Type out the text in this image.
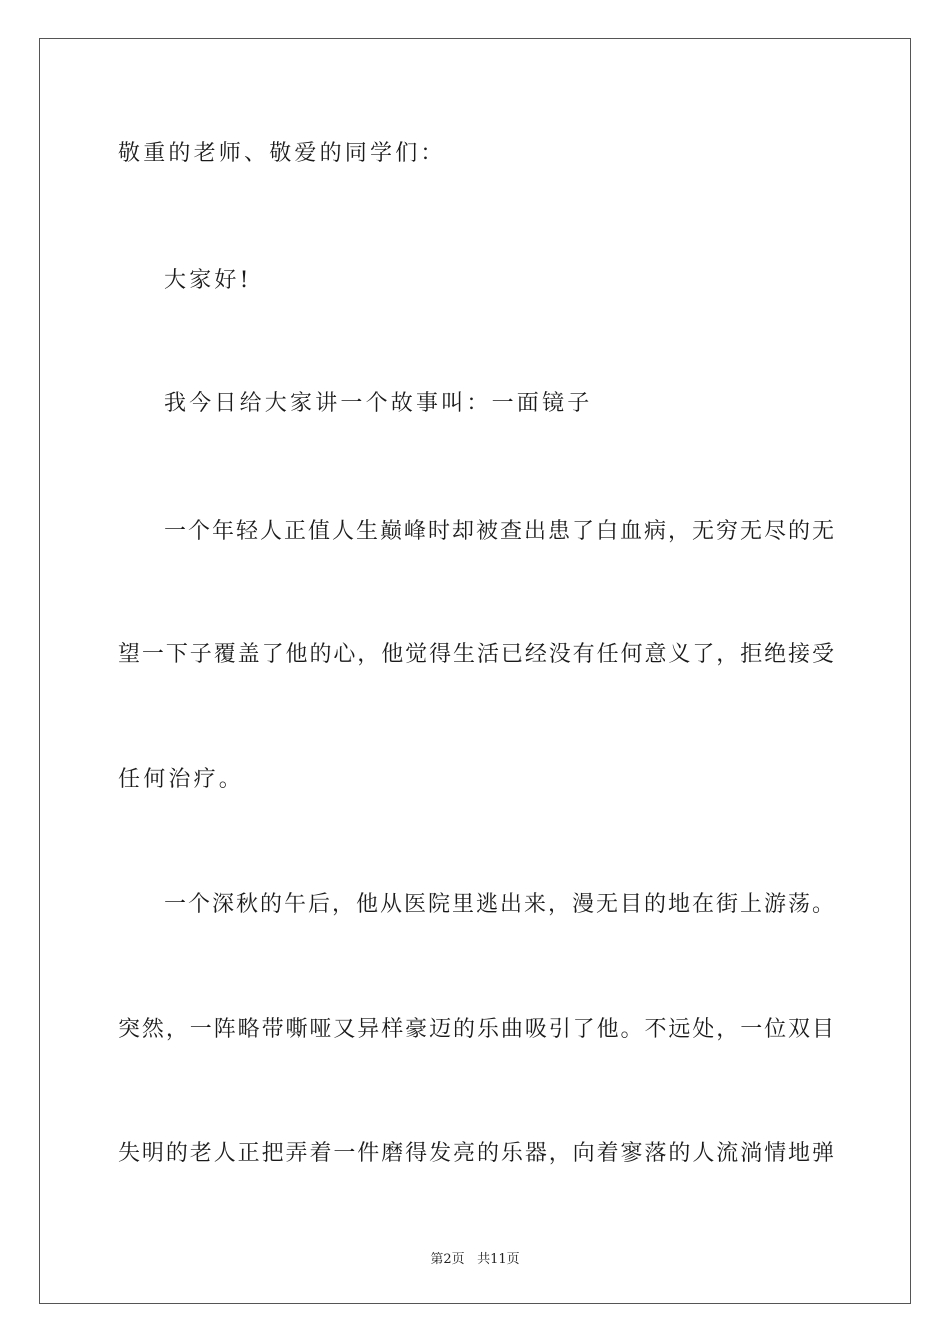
敬重的老师、敬爱的同学们：
大家好!
我今日给大家讲一个故事叫：一面镜子
一个年轻人正值人生巅峰时却被查出患了白血病，无穷无尽的无
望一下子覆盖了他的心，他觉得生活已经没有任何意义了，拒绝接受
任何治疗。
一个深秋的午后，他从医院里逃出来，漫无目的地在街上游荡。
突然，一阵略带嘶哑又异样豪迈的乐曲吸引了他。不远处，一位双目
失明的老人正把弄着一件磨得发亮的乐器，向着寥落的人流淌情地弹
第2页 共11页
